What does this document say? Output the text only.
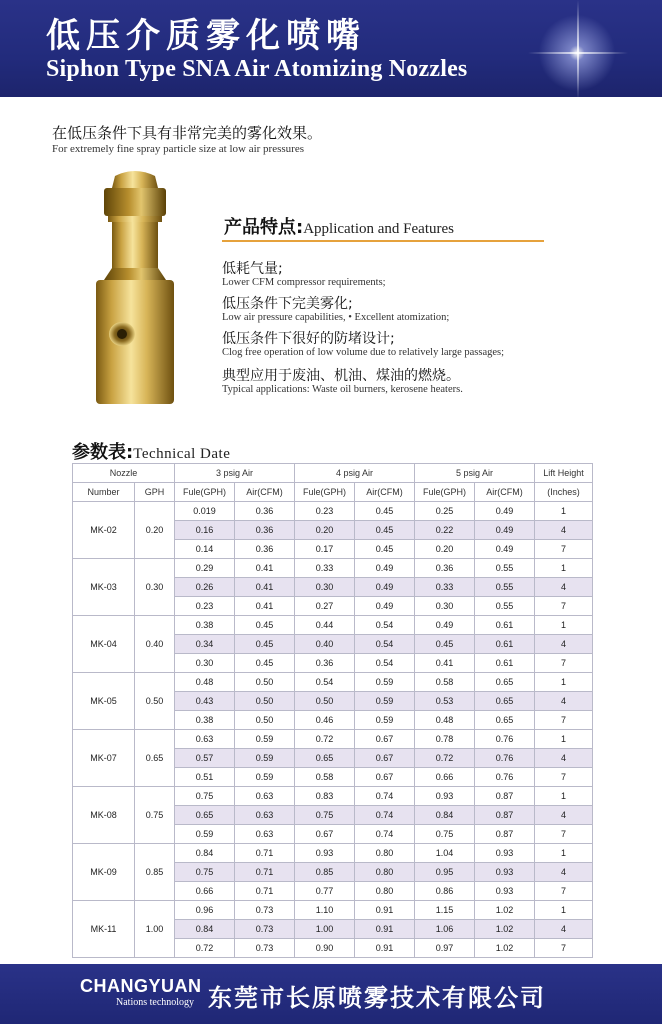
低压介质雾化喷嘴
Siphon Type SNA Air Atomizing Nozzles
在低压条件下具有非常完美的雾化效果。
For extremely fine spray particle size at low air pressures
产品特点:Application and Features
低耗气量;
Lower CFM compressor requirements;
低压条件下完美雾化;
Low air pressure capabilities, • Excellent atomization;
低压条件下很好的防堵设计;
Clog free operation of low volume due to relatively large passages;
典型应用于废油、机油、煤油的燃烧。
Typical applications: Waste oil burners, kerosene heaters.
参数表:Technical Date
Nozzle		3 psig Air		4 psig Air		5 psig Air		Lift Height
Number	GPH	Fule(GPH)	Air(CFM)	Fule(GPH)	Air(CFM)	Fule(GPH)	Air(CFM)	(Inches)
MK-02	0.20	0.019	0.36	0.23	0.45	0.25	0.49	1
		0.16	0.36	0.20	0.45	0.22	0.49	4
		0.14	0.36	0.17	0.45	0.20	0.49	7
MK-03	0.30	0.29	0.41	0.33	0.49	0.36	0.55	1
		0.26	0.41	0.30	0.49	0.33	0.55	4
		0.23	0.41	0.27	0.49	0.30	0.55	7
MK-04	0.40	0.38	0.45	0.44	0.54	0.49	0.61	1
		0.34	0.45	0.40	0.54	0.45	0.61	4
		0.30	0.45	0.36	0.54	0.41	0.61	7
MK-05	0.50	0.48	0.50	0.54	0.59	0.58	0.65	1
		0.43	0.50	0.50	0.59	0.53	0.65	4
		0.38	0.50	0.46	0.59	0.48	0.65	7
MK-07	0.65	0.63	0.59	0.72	0.67	0.78	0.76	1
		0.57	0.59	0.65	0.67	0.72	0.76	4
		0.51	0.59	0.58	0.67	0.66	0.76	7
MK-08	0.75	0.75	0.63	0.83	0.74	0.93	0.87	1
		0.65	0.63	0.75	0.74	0.84	0.87	4
		0.59	0.63	0.67	0.74	0.75	0.87	7
MK-09	0.85	0.84	0.71	0.93	0.80	1.04	0.93	1
		0.75	0.71	0.85	0.80	0.95	0.93	4
		0.66	0.71	0.77	0.80	0.86	0.93	7
MK-11	1.00	0.96	0.73	1.10	0.91	1.15	1.02	1
		0.84	0.73	1.00	0.91	1.06	1.02	4
		0.72	0.73	0.90	0.91	0.97	1.02	7
CHANGYUAN
Nations technology 东莞市长原喷雾技术有限公司
